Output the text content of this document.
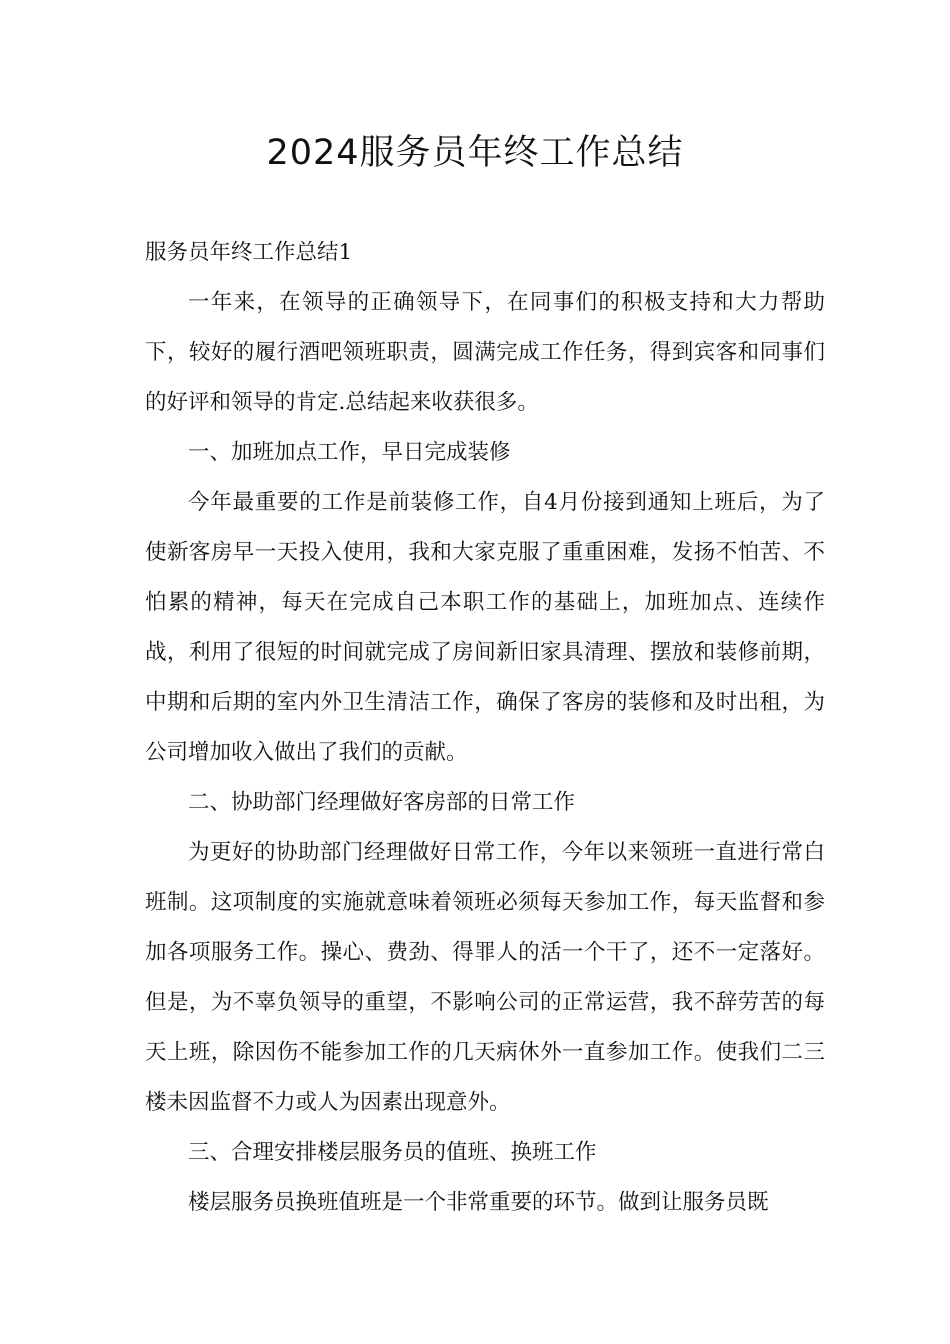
2024服务员年终工作总结

服务员年终工作总结1

一年来，在领导的正确领导下，在同事们的积极支持和大力帮助下，较好的履行酒吧领班职责，圆满完成工作任务，得到宾客和同事们的好评和领导的肯定.总结起来收获很多。

一、加班加点工作，早日完成装修

今年最重要的工作是前装修工作，自4月份接到通知上班后，为了使新客房早一天投入使用，我和大家克服了重重困难，发扬不怕苦、不怕累的精神，每天在完成自己本职工作的基础上，加班加点、连续作战，利用了很短的时间就完成了房间新旧家具清理、摆放和装修前期，中期和后期的室内外卫生清洁工作，确保了客房的装修和及时出租，为公司增加收入做出了我们的贡献。

二、协助部门经理做好客房部的日常工作

为更好的协助部门经理做好日常工作，今年以来领班一直进行常白班制。这项制度的实施就意味着领班必须每天参加工作，每天监督和参加各项服务工作。操心、费劲、得罪人的活一个干了，还不一定落好。但是，为不辜负领导的重望，不影响公司的正常运营，我不辞劳苦的每天上班，除因伤不能参加工作的几天病休外一直参加工作。使我们二三楼未因监督不力或人为因素出现意外。

三、合理安排楼层服务员的值班、换班工作

楼层服务员换班值班是一个非常重要的环节。做到让服务员既
